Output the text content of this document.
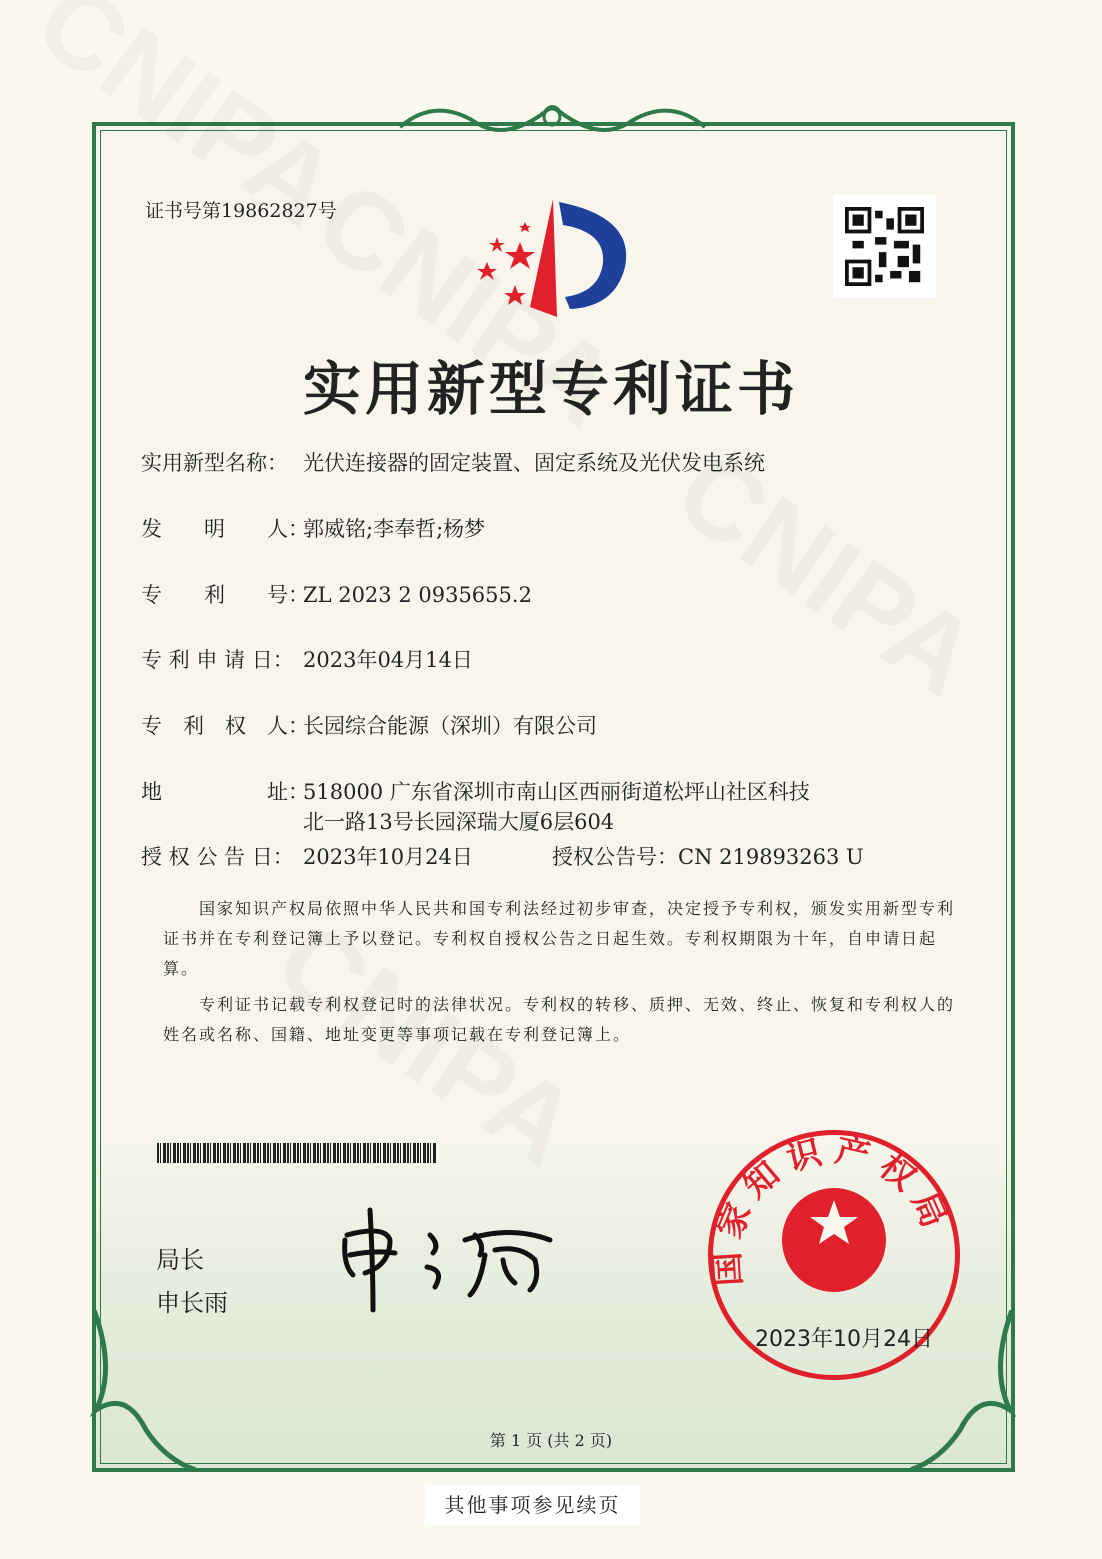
证书号第19862827号
实用新型专利证书
实用新型名称： 光伏连接器的固定装置、固定系统及光伏发电系统
发　　明　　人：郭威铭;李奉哲;杨梦
专　　利　　号：ZL 2023 2 0935655.2
专 利 申 请 日： 2023年04月14日
专　利　权　人：长园综合能源（深圳）有限公司
地　　　　　址：518000 广东省深圳市南山区西丽街道松坪山社区科技
北一路13号长园深瑞大厦6层604
授 权 公 告 日： 2023年10月24日	授权公告号：CN 219893263 U
　　国家知识产权局依照中华人民共和国专利法经过初步审查，决定授予专利权，颁发实用新型专利证书并在专利登记簿上予以登记。专利权自授权公告之日起生效。专利权期限为十年，自申请日起算。
　　专利证书记载专利权登记时的法律状况。专利权的转移、质押、无效、终止、恢复和专利权人的姓名或名称、国籍、地址变更等事项记载在专利登记簿上。
局长
申长雨
家知识产权局
2023年10月24日
第 1 页 (共 2 页)
其他事项参见续页
